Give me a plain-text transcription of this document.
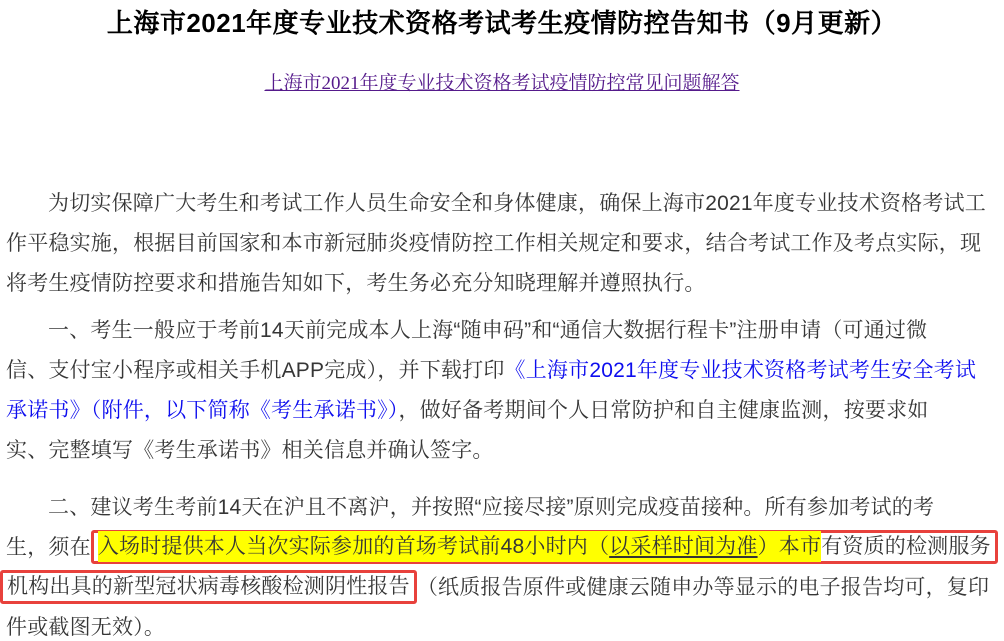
上海市2021年度专业技术资格考试考生疫情防控告知书（9月更新）
上海市2021年度专业技术资格考试疫情防控常见问题解答
为切实保障广大考生和考试工作人员生命安全和身体健康，确保上海市2021年度专业技术资格考试工
作平稳实施，根据目前国家和本市新冠肺炎疫情防控工作相关规定和要求，结合考试工作及考点实际，现
将考生疫情防控要求和措施告知如下，考生务必充分知晓理解并遵照执行。
一、考生一般应于考前14天前完成本人上海“随申码”和“通信大数据行程卡”注册申请（可通过微
信、支付宝小程序或相关手机APP完成），并下载打印《上海市2021年度专业技术资格考试考生安全考试
承诺书》（附件，以下简称《考生承诺书》），做好备考期间个人日常防护和自主健康监测，按要求如
实、完整填写《考生承诺书》相关信息并确认签字。
二、建议考生考前14天在沪且不离沪，并按照“应接尽接”原则完成疫苗接种。所有参加考试的考
生，须在 入场时提供本人当次实际参加的首场考试前48小时内（以采样时间为准）本市有资质的检测服务
机构出具的新型冠状病毒核酸检测阴性报告 （纸质报告原件或健康云随申办等显示的电子报告均可，复印
件或截图无效）。
